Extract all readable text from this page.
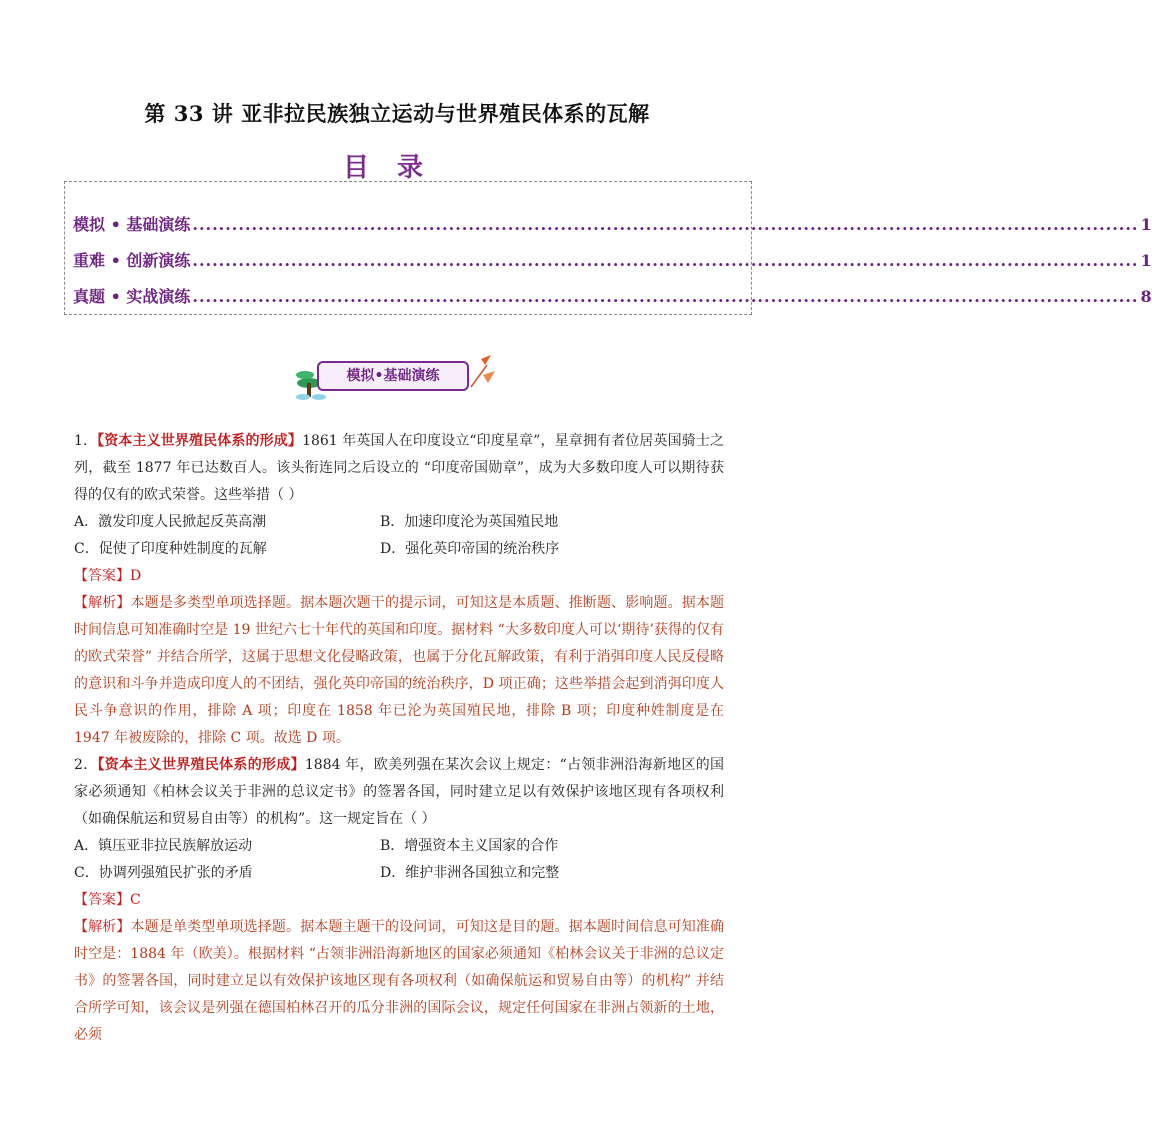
第 33 讲 亚非拉民族独立运动与世界殖民体系的瓦解
目录
模拟 • 基础演练 ................................................................................................................................................ 1
重难 • 创新演练 ................................................................................................................................................ 1
真题 • 实战演练 ................................................................................................................................................ 8
模拟•基础演练

1．【资本主义世界殖民体系的形成】1861 年英国人在印度设立“印度星章”，星章拥有者位居英国骑士之列，截至 1877 年已达数百人。该头衔连同之后设立的 “印度帝国勋章”，成为大多数印度人可以期待获得的仅有的欧式荣誉。这些举措（ ）

A．激发印度人民掀起反英高潮	B．加速印度沦为英国殖民地
C．促使了印度种姓制度的瓦解	D．强化英印帝国的统治秩序

【答案】D

【解析】本题是多类型单项选择题。据本题次题干的提示词，可知这是本质题、推断题、影响题。据本题时间信息可知准确时空是 19 世纪六七十年代的英国和印度。据材料 “大多数印度人可以‘期待’获得的仅有的欧式荣誉” 并结合所学，这属于思想文化侵略政策，也属于分化瓦解政策，有利于消弭印度人民反侵略的意识和斗争并造成印度人的不团结，强化英印帝国的统治秩序，D 项正确；这些举措会起到消弭印度人民斗争意识的作用，排除 A 项；印度在 1858 年已沦为英国殖民地，排除 B 项；印度种姓制度是在 1947 年被废除的，排除 C 项。故选 D 项。

2．【资本主义世界殖民体系的形成】1884 年，欧美列强在某次会议上规定：“占领非洲沿海新地区的国家必须通知《柏林会议关于非洲的总议定书》的签署各国，同时建立足以有效保护该地区现有各项权利（如确保航运和贸易自由等）的机构”。这一规定旨在（ ）

A．镇压亚非拉民族解放运动	B．增强资本主义国家的合作
C．协调列强殖民扩张的矛盾	D．维护非洲各国独立和完整

【答案】C

【解析】本题是单类型单项选择题。据本题主题干的设问词，可知这是目的题。据本题时间信息可知准确时空是：1884 年（欧美）。根据材料 “占领非洲沿海新地区的国家必须通知《柏林会议关于非洲的总议定书》的签署各国，同时建立足以有效保护该地区现有各项权利（如确保航运和贸易自由等）的机构” 并结合所学可知，该会议是列强在德国柏林召开的瓜分非洲的国际会议，规定任何国家在非洲占领新的土地，必须
